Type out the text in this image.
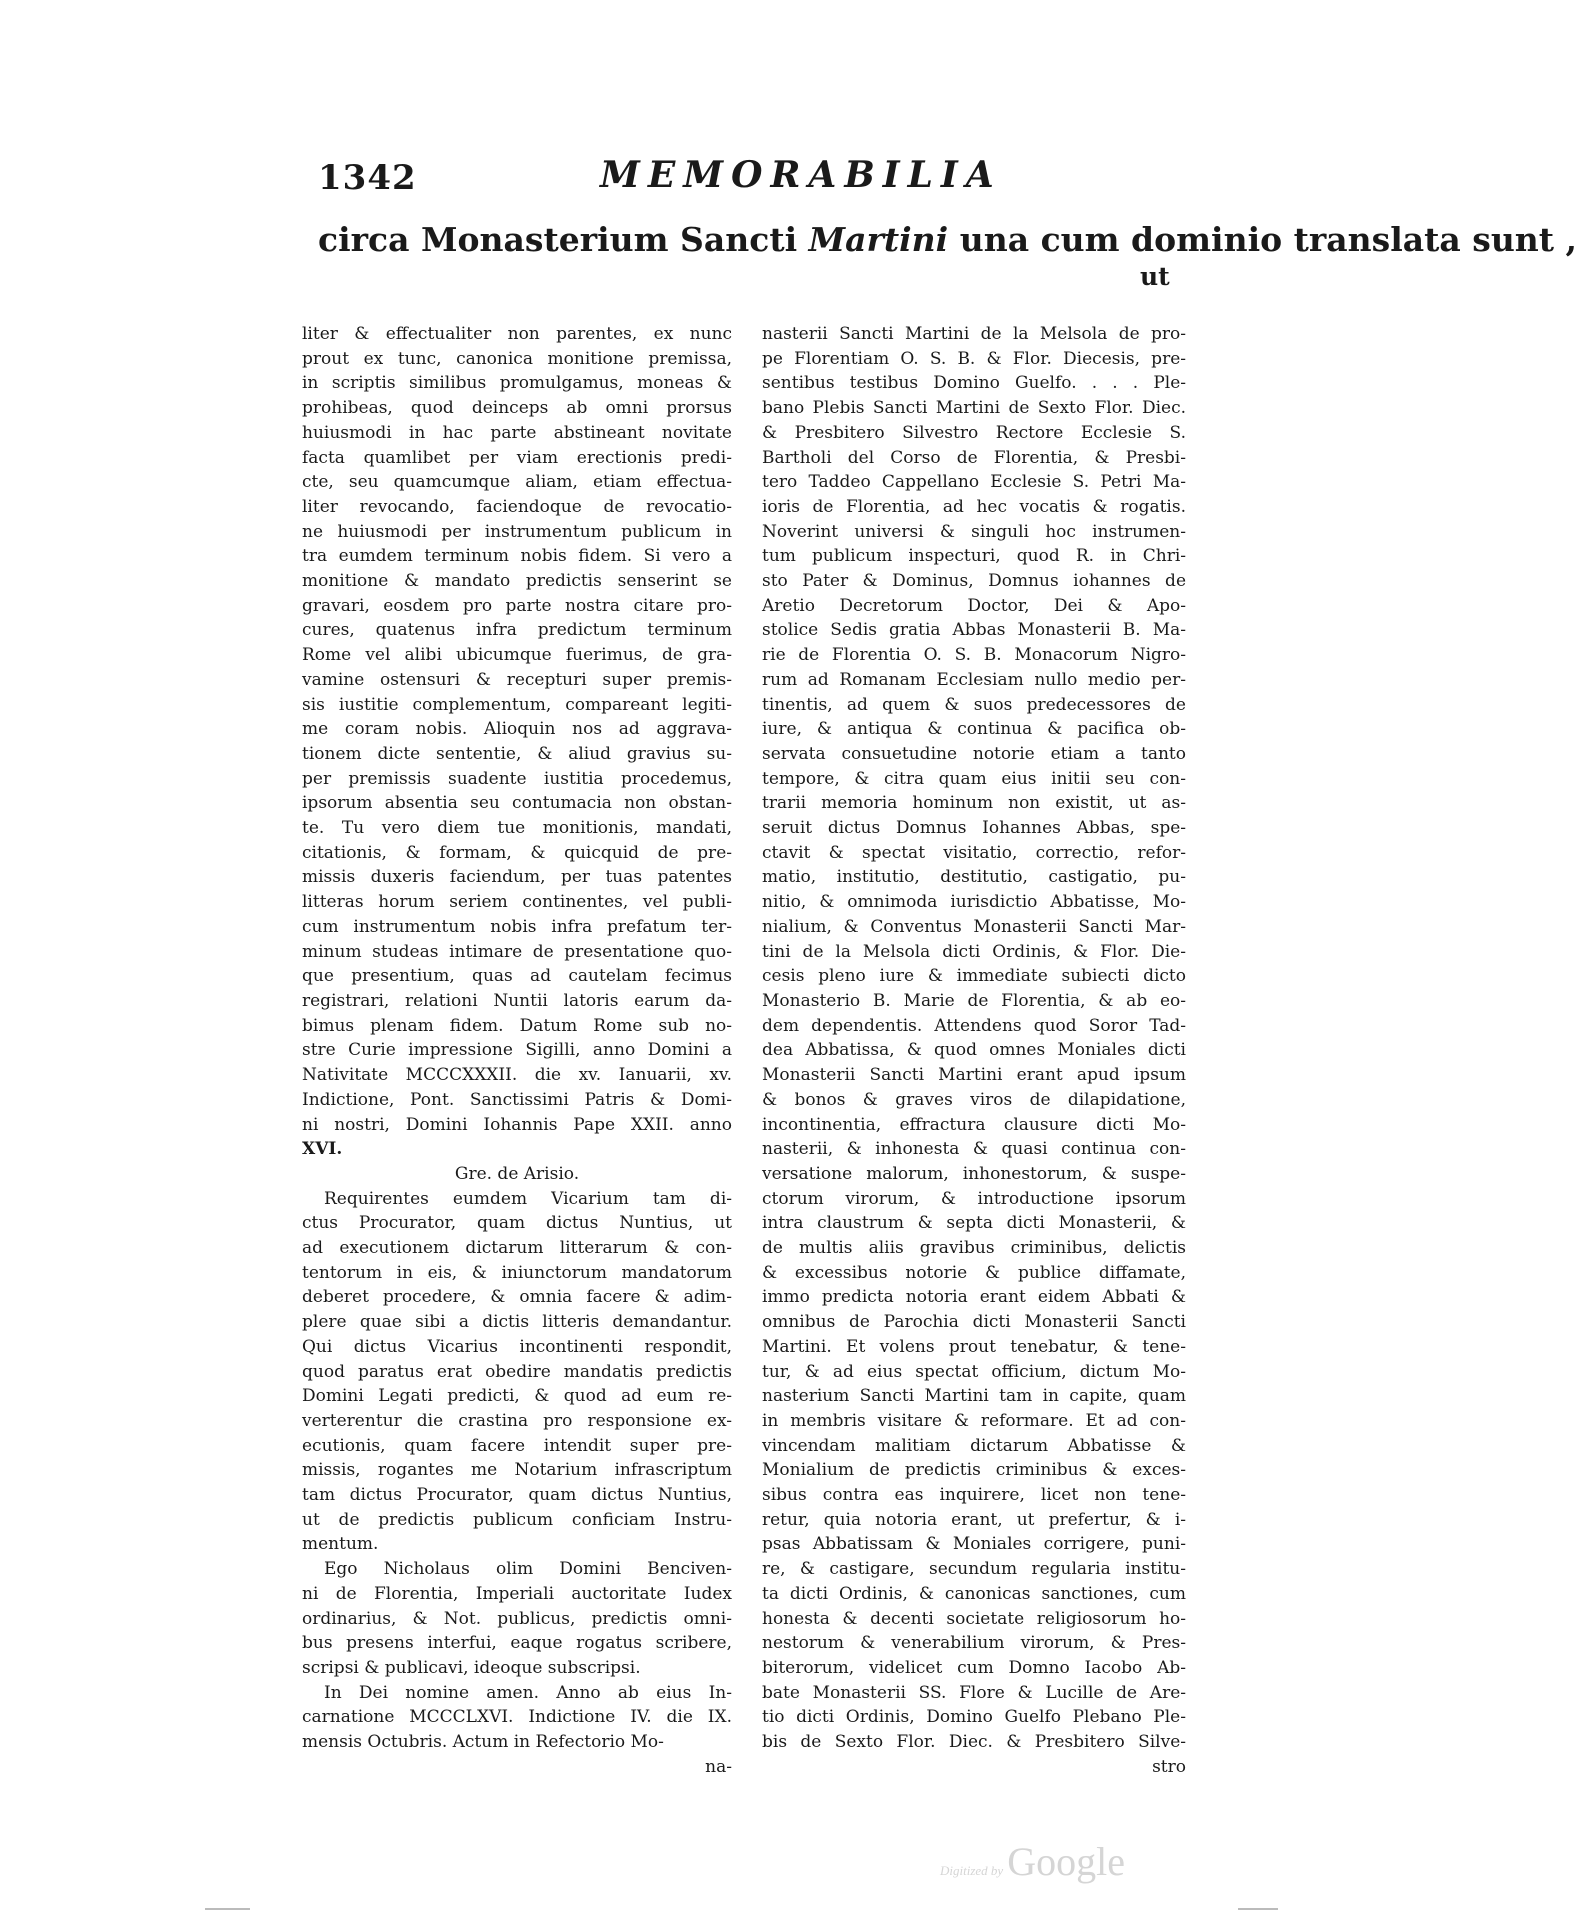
1342	MEMORABILIA
circa Monasterium Sancti Martini una cum dominio translata sunt ,
ut
liter & effectualiter non parentes, ex nunc
prout ex tunc, canonica monitione premissa,
in scriptis similibus promulgamus, moneas &
prohibeas, quod deinceps ab omni prorsus
huiusmodi in hac parte abstineant novitate
facta quamlibet per viam erectionis predi-
cte, seu quamcumque aliam, etiam effectua-
liter revocando, faciendoque de revocatio-
ne huiusmodi per instrumentum publicum in
tra eumdem terminum nobis fidem. Si vero a
monitione & mandato predictis senserint se
gravari, eosdem pro parte nostra citare pro-
cures, quatenus infra predictum terminum
Rome vel alibi ubicumque fuerimus, de gra-
vamine ostensuri & recepturi super premis-
sis iustitie complementum, compareant legiti-
me coram nobis. Alioquin nos ad aggrava-
tionem dicte sententie, & aliud gravius su-
per premissis suadente iustitia procedemus,
ipsorum absentia seu contumacia non obstan-
te. Tu vero diem tue monitionis, mandati,
citationis, & formam, & quicquid de pre-
missis duxeris faciendum, per tuas patentes
litteras horum seriem continentes, vel publi-
cum instrumentum nobis infra prefatum ter-
minum studeas intimare de presentatione quo-
que presentium, quas ad cautelam fecimus
registrari, relationi Nuntii latoris earum da-
bimus plenam fidem. Datum Rome sub no-
stre Curie impressione Sigilli, anno Domini a
Nativitate MCCCXXXII. die xv. Ianuarii, xv.
Indictione, Pont. Sanctissimi Patris & Domi-
ni nostri, Domini Iohannis Pape XXII. anno
XVI.
Gre. de Arisio.
Requirentes eumdem Vicarium tam di-
ctus Procurator, quam dictus Nuntius, ut
ad executionem dictarum litterarum & con-
tentorum in eis, & iniunctorum mandatorum
deberet procedere, & omnia facere & adim-
plere quae sibi a dictis litteris demandantur.
Qui dictus Vicarius incontinenti respondit,
quod paratus erat obedire mandatis predictis
Domini Legati predicti, & quod ad eum re-
verterentur die crastina pro responsione ex-
ecutionis, quam facere intendit super pre-
missis, rogantes me Notarium infrascriptum
tam dictus Procurator, quam dictus Nuntius,
ut de predictis publicum conficiam Instru-
mentum.
Ego Nicholaus olim Domini Benciven-
ni de Florentia, Imperiali auctoritate Iudex
ordinarius, & Not. publicus, predictis omni-
bus presens interfui, eaque rogatus scribere,
scripsi & publicavi, ideoque subscripsi.
In Dei nomine amen. Anno ab eius In-
carnatione MCCCLXVI. Indictione IV. die IX.
mensis Octubris. Actum in Refectorio Mo-
na-
nasterii Sancti Martini de la Melsola de pro-
pe Florentiam O. S. B. & Flor. Diecesis, pre-
sentibus testibus Domino Guelfo. . . . Ple-
bano Plebis Sancti Martini de Sexto Flor. Diec.
& Presbitero Silvestro Rectore Ecclesie S.
Bartholi del Corso de Florentia, & Presbi-
tero Taddeo Cappellano Ecclesie S. Petri Ma-
ioris de Florentia, ad hec vocatis & rogatis.
Noverint universi & singuli hoc instrumen-
tum publicum inspecturi, quod R. in Chri-
sto Pater & Dominus, Domnus iohannes de
Aretio Decretorum Doctor, Dei & Apo-
stolice Sedis gratia Abbas Monasterii B. Ma-
rie de Florentia O. S. B. Monacorum Nigro-
rum ad Romanam Ecclesiam nullo medio per-
tinentis, ad quem & suos predecessores de
iure, & antiqua & continua & pacifica ob-
servata consuetudine notorie etiam a tanto
tempore, & citra quam eius initii seu con-
trarii memoria hominum non existit, ut as-
seruit dictus Domnus Iohannes Abbas, spe-
ctavit & spectat visitatio, correctio, refor-
matio, institutio, destitutio, castigatio, pu-
nitio, & omnimoda iurisdictio Abbatisse, Mo-
nialium, & Conventus Monasterii Sancti Mar-
tini de la Melsola dicti Ordinis, & Flor. Die-
cesis pleno iure & immediate subiecti dicto
Monasterio B. Marie de Florentia, & ab eo-
dem dependentis. Attendens quod Soror Tad-
dea Abbatissa, & quod omnes Moniales dicti
Monasterii Sancti Martini erant apud ipsum
& bonos & graves viros de dilapidatione,
incontinentia, effractura clausure dicti Mo-
nasterii, & inhonesta & quasi continua con-
versatione malorum, inhonestorum, & suspe-
ctorum virorum, & introductione ipsorum
intra claustrum & septa dicti Monasterii, &
de multis aliis gravibus criminibus, delictis
& excessibus notorie & publice diffamate,
immo predicta notoria erant eidem Abbati &
omnibus de Parochia dicti Monasterii Sancti
Martini. Et volens prout tenebatur, & tene-
tur, & ad eius spectat officium, dictum Mo-
nasterium Sancti Martini tam in capite, quam
in membris visitare & reformare. Et ad con-
vincendam malitiam dictarum Abbatisse &
Monialium de predictis criminibus & exces-
sibus contra eas inquirere, licet non tene-
retur, quia notoria erant, ut prefertur, & i-
psas Abbatissam & Moniales corrigere, puni-
re, & castigare, secundum regularia institu-
ta dicti Ordinis, & canonicas sanctiones, cum
honesta & decenti societate religiosorum ho-
nestorum & venerabilium virorum, & Pres-
biterorum, videlicet cum Domno Iacobo Ab-
bate Monasterii SS. Flore & Lucille de Are-
tio dicti Ordinis, Domino Guelfo Plebano Ple-
bis de Sexto Flor. Diec. & Presbitero Silve-
stro
Digitized by Google
